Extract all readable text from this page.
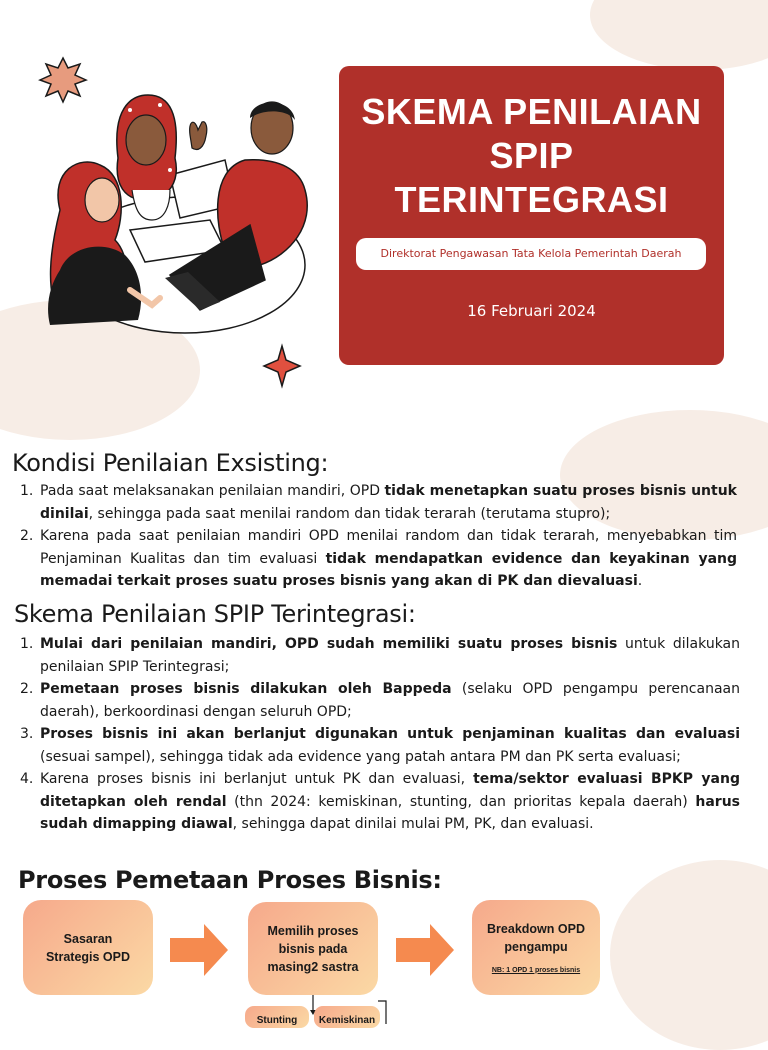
SKEMA PENILAIAN
SPIP
TERINTEGRASI
Direktorat Pengawasan Tata Kelola Pemerintah Daerah
16 Februari 2024
Kondisi Penilaian Exsisting:
1. Pada saat melaksanakan penilaian mandiri, OPD tidak menetapkan suatu proses bisnis untuk dinilai, sehingga pada saat menilai random dan tidak terarah (terutama stupro);
2. Karena pada saat penilaian mandiri OPD menilai random dan tidak terarah, menyebabkan tim Penjaminan Kualitas dan tim evaluasi tidak mendapatkan evidence dan keyakinan yang memadai terkait proses suatu proses bisnis yang akan di PK dan dievaluasi.
Skema Penilaian SPIP Terintegrasi:
1. Mulai dari penilaian mandiri, OPD sudah memiliki suatu proses bisnis untuk dilakukan penilaian SPIP Terintegrasi;
2. Pemetaan proses bisnis dilakukan oleh Bappeda (selaku OPD pengampu perencanaan daerah), berkoordinasi dengan seluruh OPD;
3. Proses bisnis ini akan berlanjut digunakan untuk penjaminan kualitas dan evaluasi (sesuai sampel), sehingga tidak ada evidence yang patah antara PM dan PK serta evaluasi;
4. Karena proses bisnis ini berlanjut untuk PK dan evaluasi, tema/sektor evaluasi BPKP yang ditetapkan oleh rendal (thn 2024: kemiskinan, stunting, dan prioritas kepala daerah) harus sudah dimapping diawal, sehingga dapat dinilai mulai PM, PK, dan evaluasi.
Proses Pemetaan Proses Bisnis:
Sasaran Strategis OPD
Memilih proses bisnis pada masing2 sastra
Breakdown OPD pengampu
NB: 1 OPD 1 proses bisnis
Stunting	Kemiskinan
